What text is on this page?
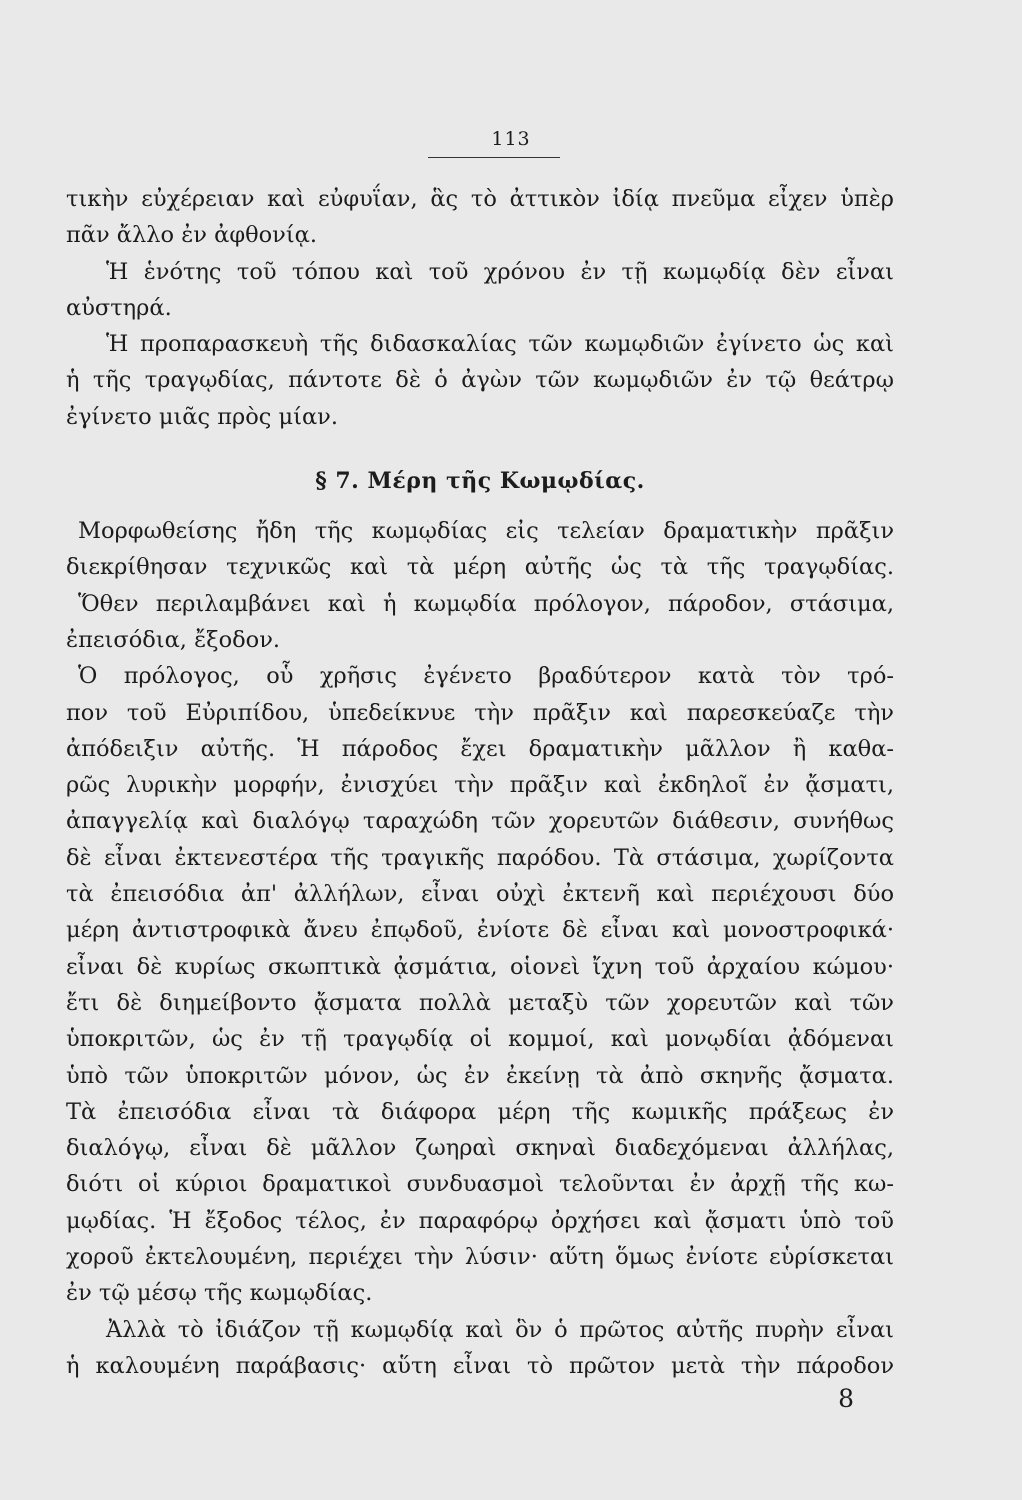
113
τικὴν εὐχέρειαν καὶ εὐφυΐαν, ἃς τὸ ἀττικὸν ἰδίᾳ πνεῦμα εἶχεν ὑπὲρ
πᾶν ἄλλο ἐν ἀφθονίᾳ.
Ἡ ἑνότης τοῦ τόπου καὶ τοῦ χρόνου ἐν τῇ κωμῳδίᾳ δὲν εἶναι
αὐστηρά.
Ἡ προπαρασκευὴ τῆς διδασκαλίας τῶν κωμῳδιῶν ἐγίνετο ὡς καὶ
ἡ τῆς τραγῳδίας, πάντοτε δὲ ὁ ἀγὼν τῶν κωμῳδιῶν ἐν τῷ θεάτρῳ
ἐγίνετο μιᾶς πρὸς μίαν.
§ 7. Μέρη τῆς Κωμῳδίας.
Μορφωθείσης ἤδη τῆς κωμῳδίας εἰς τελείαν δραματικὴν πρᾶξιν
διεκρίθησαν τεχνικῶς καὶ τὰ μέρη αὐτῆς ὡς τὰ τῆς τραγῳδίας.
Ὅθεν περιλαμβάνει καὶ ἡ κωμῳδία πρόλογον, πάροδον, στάσιμα,
ἐπεισόδια, ἔξοδον.
Ὁ πρόλογος, οὗ χρῆσις ἐγένετο βραδύτερον κατὰ τὸν τρό-
πον τοῦ Εὐριπίδου, ὑπεδείκνυε τὴν πρᾶξιν καὶ παρεσκεύαζε τὴν
ἀπόδειξιν αὐτῆς. Ἡ πάροδος ἔχει δραματικὴν μᾶλλον ἢ καθα-
ρῶς λυρικὴν μορφήν, ἐνισχύει τὴν πρᾶξιν καὶ ἐκδηλοῖ ἐν ᾄσματι,
ἀπαγγελίᾳ καὶ διαλόγῳ ταραχώδη τῶν χορευτῶν διάθεσιν, συνήθως
δὲ εἶναι ἐκτενεστέρα τῆς τραγικῆς παρόδου. Τὰ στάσιμα, χωρίζοντα
τὰ ἐπεισόδια ἀπ' ἀλλήλων, εἶναι οὐχὶ ἐκτενῆ καὶ περιέχουσι δύο
μέρη ἀντιστροφικὰ ἄνευ ἐπῳδοῦ, ἐνίοτε δὲ εἶναι καὶ μονοστροφικά·
εἶναι δὲ κυρίως σκωπτικὰ ᾀσμάτια, οἱονεὶ ἴχνη τοῦ ἀρχαίου κώμου·
ἔτι δὲ διημείβοντο ᾄσματα πολλὰ μεταξὺ τῶν χορευτῶν καὶ τῶν
ὑποκριτῶν, ὡς ἐν τῇ τραγῳδίᾳ οἱ κομμοί, καὶ μονῳδίαι ᾀδόμεναι
ὑπὸ τῶν ὑποκριτῶν μόνον, ὡς ἐν ἐκείνῃ τὰ ἀπὸ σκηνῆς ᾄσματα.
Τὰ ἐπεισόδια εἶναι τὰ διάφορα μέρη τῆς κωμικῆς πράξεως ἐν
διαλόγῳ, εἶναι δὲ μᾶλλον ζωηραὶ σκηναὶ διαδεχόμεναι ἀλλήλας,
διότι οἱ κύριοι δραματικοὶ συνδυασμοὶ τελοῦνται ἐν ἀρχῇ τῆς κω-
μῳδίας. Ἡ ἔξοδος τέλος, ἐν παραφόρῳ ὀρχήσει καὶ ᾄσματι ὑπὸ τοῦ
χοροῦ ἐκτελουμένη, περιέχει τὴν λύσιν· αὕτη ὅμως ἐνίοτε εὑρίσκεται
ἐν τῷ μέσῳ τῆς κωμῳδίας.
Ἀλλὰ τὸ ἰδιάζον τῇ κωμῳδίᾳ καὶ ὃν ὁ πρῶτος αὐτῆς πυρὴν εἶναι
ἡ καλουμένη παράβασις· αὕτη εἶναι τὸ πρῶτον μετὰ τὴν πάροδον
8
